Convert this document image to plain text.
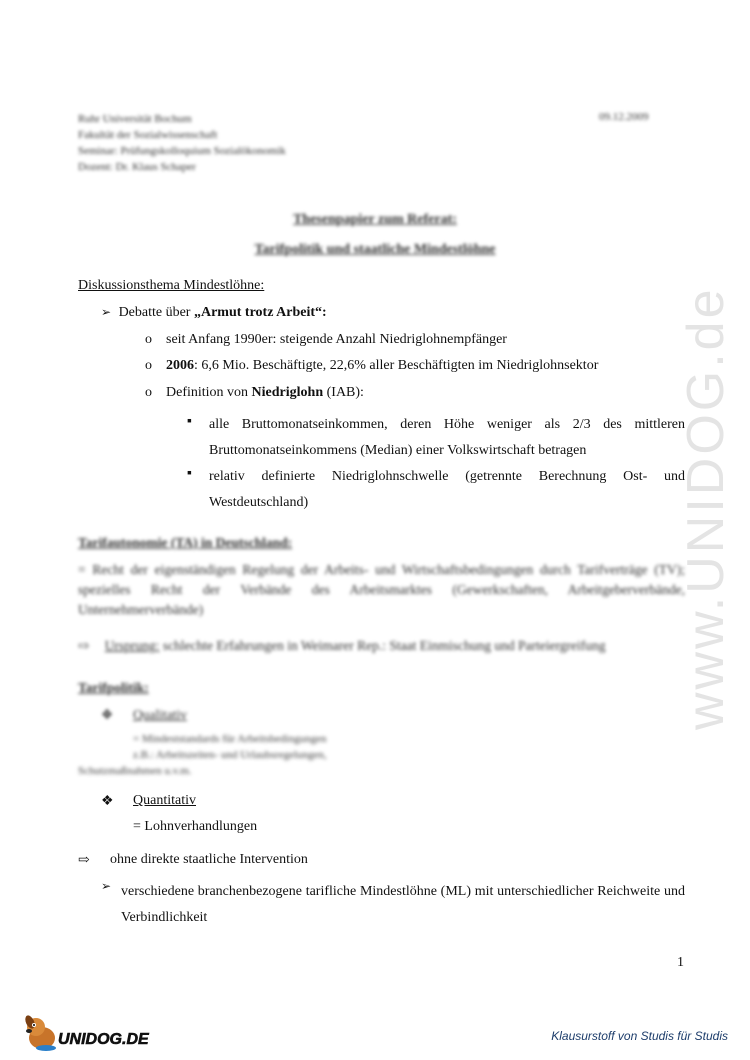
www.UNIDOG.de
Ruhr Universität Bochum
Fakultät der Sozialwissenschaft
Seminar: Prüfungskolloquium Sozialökonomik
Dozent: Dr. Klaus Schaper
09.12.2009
Thesenpapier zum Referat:
Tarifpolitik und staatliche Mindestlöhne
Diskussionsthema Mindestlöhne:
➢ Debatte über „Armut trotz Arbeit“:
o seit Anfang 1990er: steigende Anzahl Niedriglohnempfänger
o 2006: 6,6 Mio. Beschäftigte, 22,6% aller Beschäftigten im Niedriglohnsektor
o Definition von Niedriglohn (IAB):
▪ alle Bruttomonatseinkommen, deren Höhe weniger als 2/3 des mittleren Bruttomonatseinkommens (Median) einer Volkswirtschaft betragen
▪ relativ definierte Niedriglohnschwelle (getrennte Berechnung Ost- und Westdeutschland)
Tarifautonomie (TA) in Deutschland:
= Recht der eigenständigen Regelung der Arbeits- und Wirtschaftsbedingungen durch Tarifverträge (TV); spezielles Recht der Verbände des Arbeitsmarktes (Gewerkschaften, Arbeitgeberverbände, Unternehmerverbände)
⇨ Ursprung: schlechte Erfahrungen in Weimarer Rep.: Staat Einmischung und Parteiergreifung
Tarifpolitik:
❖ Qualitativ
= Mindeststandards für Arbeitsbedingungen
z.B.: Arbeitszeiten- und Urlaubsregelungen,
Schutzmaßnahmen u.v.m.
❖ Quantitativ
= Lohnverhandlungen
⇨ ohne direkte staatliche Intervention
➢ verschiedene branchenbezogene tarifliche Mindestlöhne (ML) mit unterschiedlicher Reichweite und Verbindlichkeit
1
UNIDOG.DE	Klausurstoff von Studis für Studis
